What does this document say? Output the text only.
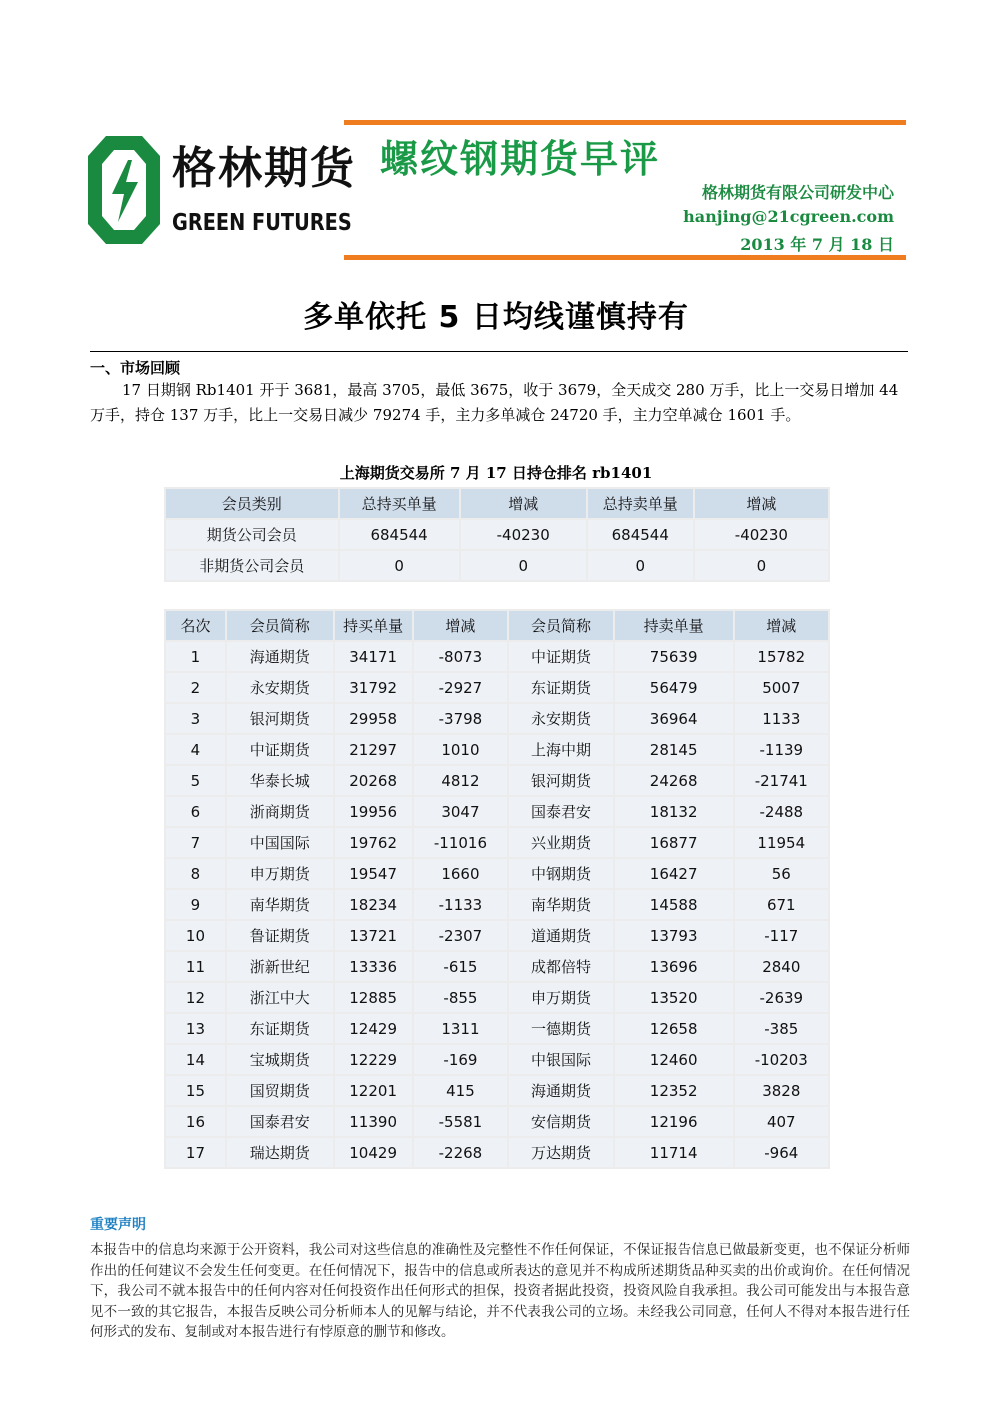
格林期货
GREEN FUTURES
螺纹钢期货早评
格林期货有限公司研发中心
hanjing@21cgreen.com
2013 年 7 月 18 日
多单依托 5 日均线谨慎持有
一、市场回顾
17 日期钢 Rb1401 开于 3681，最高 3705，最低 3675，收于 3679，全天成交 280 万手，比上一交易日增加 44 万手，持仓 137 万手，比上一交易日减少 79274 手，主力多单减仓 24720 手，主力空单减仓 1601 手。
上海期货交易所 7 月 17 日持仓排名 rb1401
会员类别	总持买单量	增减	总持卖单量	增减
期货公司会员	684544	-40230	684544	-40230
非期货公司会员	0	0	0	0
名次	会员简称	持买单量	增减	会员简称	持卖单量	增减
1	海通期货	34171	-8073	中证期货	75639	15782
2	永安期货	31792	-2927	东证期货	56479	5007
3	银河期货	29958	-3798	永安期货	36964	1133
4	中证期货	21297	1010	上海中期	28145	-1139
5	华泰长城	20268	4812	银河期货	24268	-21741
6	浙商期货	19956	3047	国泰君安	18132	-2488
7	中国国际	19762	-11016	兴业期货	16877	11954
8	申万期货	19547	1660	中钢期货	16427	56
9	南华期货	18234	-1133	南华期货	14588	671
10	鲁证期货	13721	-2307	道通期货	13793	-117
11	浙新世纪	13336	-615	成都倍特	13696	2840
12	浙江中大	12885	-855	申万期货	13520	-2639
13	东证期货	12429	1311	一德期货	12658	-385
14	宝城期货	12229	-169	中银国际	12460	-10203
15	国贸期货	12201	415	海通期货	12352	3828
16	国泰君安	11390	-5581	安信期货	12196	407
17	瑞达期货	10429	-2268	万达期货	11714	-964
重要声明
本报告中的信息均来源于公开资料，我公司对这些信息的准确性及完整性不作任何保证，不保证报告信息已做最新变更，也不保证分析师作出的任何建议不会发生任何变更。在任何情况下，报告中的信息或所表达的意见并不构成所述期货品种买卖的出价或询价。在任何情况下，我公司不就本报告中的任何内容对任何投资作出任何形式的担保，投资者据此投资，投资风险自我承担。我公司可能发出与本报告意见不一致的其它报告，本报告反映公司分析师本人的见解与结论，并不代表我公司的立场。未经我公司同意，任何人不得对本报告进行任何形式的发布、复制或对本报告进行有悖原意的删节和修改。
